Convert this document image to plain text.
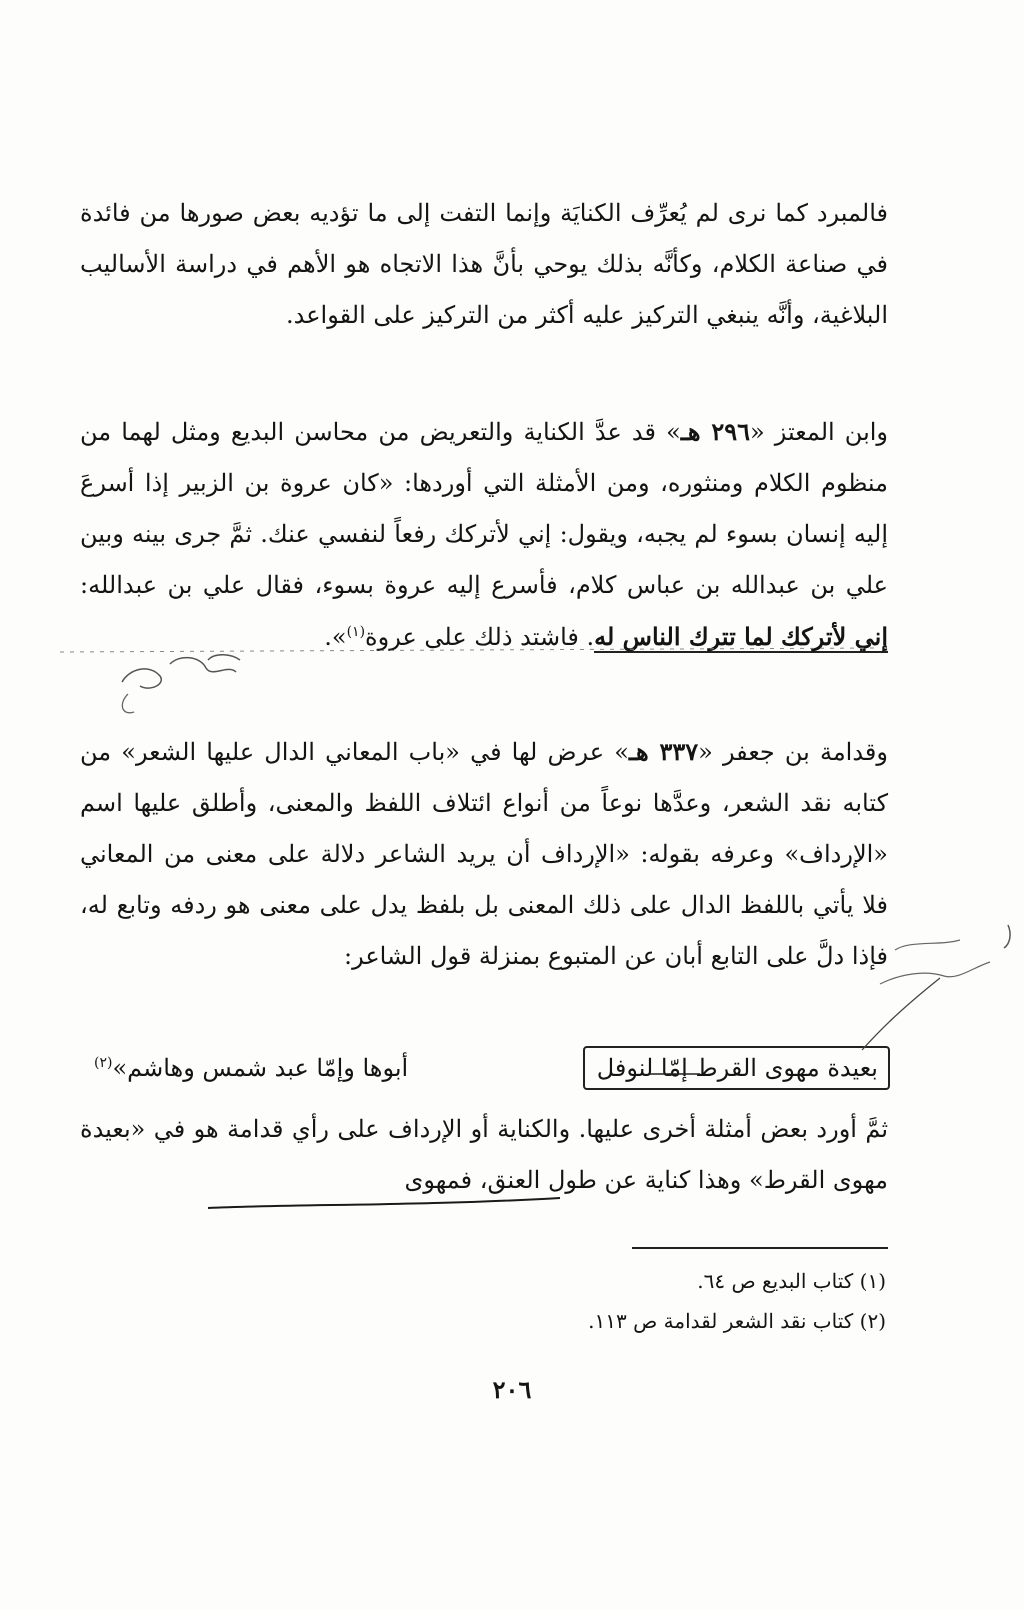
فالمبرد كما نرى لم يُعرِّف الكنايَة وإنما التفت إلى ما تؤديه بعض صورها من فائدة في صناعة الكلام، وكأنَّه بذلك يوحي بأنَّ هذا الاتجاه هو الأهم في دراسة الأساليب البلاغية، وأنَّه ينبغي التركيز عليه أكثر من التركيز على القواعد.

وابن المعتز «٢٩٦ هـ» قد عدَّ الكناية والتعريض من محاسن البديع ومثل لهما من منظوم الكلام ومنثوره، ومن الأمثلة التي أوردها: «كان عروة بن الزبير إذا أسرعَ إليه إنسان بسوء لم يجبه، ويقول: إني لأتركك رفعاً لنفسي عنك. ثمَّ جرى بينه وبين علي بن عبدالله بن عباس كلام، فأسرع إليه عروة بسوء، فقال علي بن عبدالله: إني لأتركك لما تترك الناس له. فاشتد ذلك على عروة$^{(١)}$».

وقدامة بن جعفر «٣٣٧ هـ» عرض لها في «باب المعاني الدال عليها الشعر» من كتابه نقد الشعر، وعدَّها نوعاً من أنواع ائتلاف اللفظ والمعنى، وأطلق عليها اسم «الإرداف» وعرفه بقوله: «الإرداف أن يريد الشاعر دلالة على معنى من المعاني فلا يأتي باللفظ الدال على ذلك المعنى بل بلفظ يدل على معنى هو ردفه وتابع له، فإذا دلَّ على التابع أبان عن المتبوع بمنزلة قول الشاعر:

بعيدة مهوى القرط إمّا لنوفل
أبوها وإمّا عبد شمس وهاشم»$^{(٢)}$

ثمَّ أورد بعض أمثلة أخرى عليها. والكناية أو الإرداف على رأي قدامة هو في «بعيدة مهوى القرط» وهذا كناية عن طول العنق، فمهوى

(١) كتاب البديع ص ٦٤.
(٢) كتاب نقد الشعر لقدامة ص ١١٣.
٢٠٦
